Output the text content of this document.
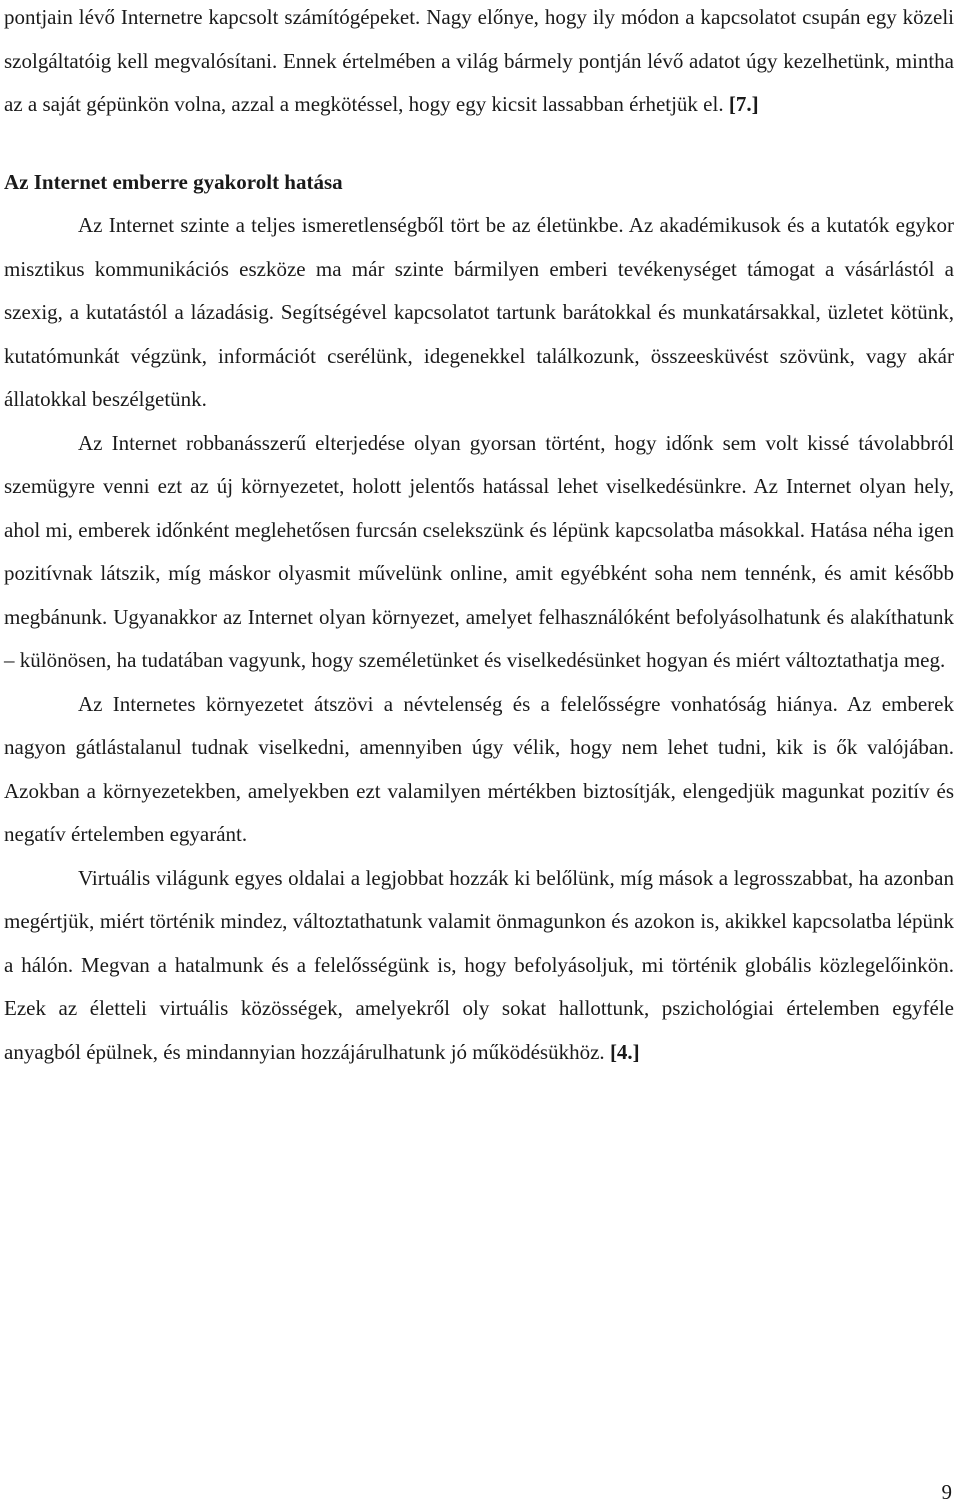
pontjain lévő Internetre kapcsolt számítógépeket. Nagy előnye, hogy ily módon a kapcsolatot csupán egy közeli szolgáltatóig kell megvalósítani. Ennek értelmében a világ bármely pontján lévő adatot úgy kezelhetünk, mintha az a saját gépünkön volna, azzal a megkötéssel, hogy egy kicsit lassabban érhetjük el. [7.]

Az Internet emberre gyakorolt hatása

Az Internet szinte a teljes ismeretlenségből tört be az életünkbe. Az akadémikusok és a kutatók egykor misztikus kommunikációs eszköze ma már szinte bármilyen emberi tevékenységet támogat a vásárlástól a szexig, a kutatástól a lázadásig. Segítségével kapcsolatot tartunk barátokkal és munkatársakkal, üzletet kötünk, kutatómunkát végzünk, információt cserélünk, idegenekkel találkozunk, összeesküvést szövünk, vagy akár állatokkal beszélgetünk.

Az Internet robbanásszerű elterjedése olyan gyorsan történt, hogy időnk sem volt kissé távolabbról szemügyre venni ezt az új környezetet, holott jelentős hatással lehet viselkedésünkre. Az Internet olyan hely, ahol mi, emberek időnként meglehetősen furcsán cselekszünk és lépünk kapcsolatba másokkal. Hatása néha igen pozitívnak látszik, míg máskor olyasmit művelünk online, amit egyébként soha nem tennénk, és amit később megbánunk. Ugyanakkor az Internet olyan környezet, amelyet felhasználóként befolyásolhatunk és alakíthatunk – különösen, ha tudatában vagyunk, hogy személetünket és viselkedésünket hogyan és miért változtathatja meg.

Az Internetes környezetet átszövi a névtelenség és a felelősségre vonhatóság hiánya. Az emberek nagyon gátlástalanul tudnak viselkedni, amennyiben úgy vélik, hogy nem lehet tudni, kik is ők valójában. Azokban a környezetekben, amelyekben ezt valamilyen mértékben biztosítják, elengedjük magunkat pozitív és negatív értelemben egyaránt.

Virtuális világunk egyes oldalai a legjobbat hozzák ki belőlünk, míg mások a legrosszabbat, ha azonban megértjük, miért történik mindez, változtathatunk valamit önmagunkon és azokon is, akikkel kapcsolatba lépünk a hálón. Megvan a hatalmunk és a felelősségünk is, hogy befolyásoljuk, mi történik globális közlegelőinkön. Ezek az életteli virtuális közösségek, amelyekről oly sokat hallottunk, pszichológiai értelemben egyféle anyagból épülnek, és mindannyian hozzájárulhatunk jó működésükhöz. [4.]

9
